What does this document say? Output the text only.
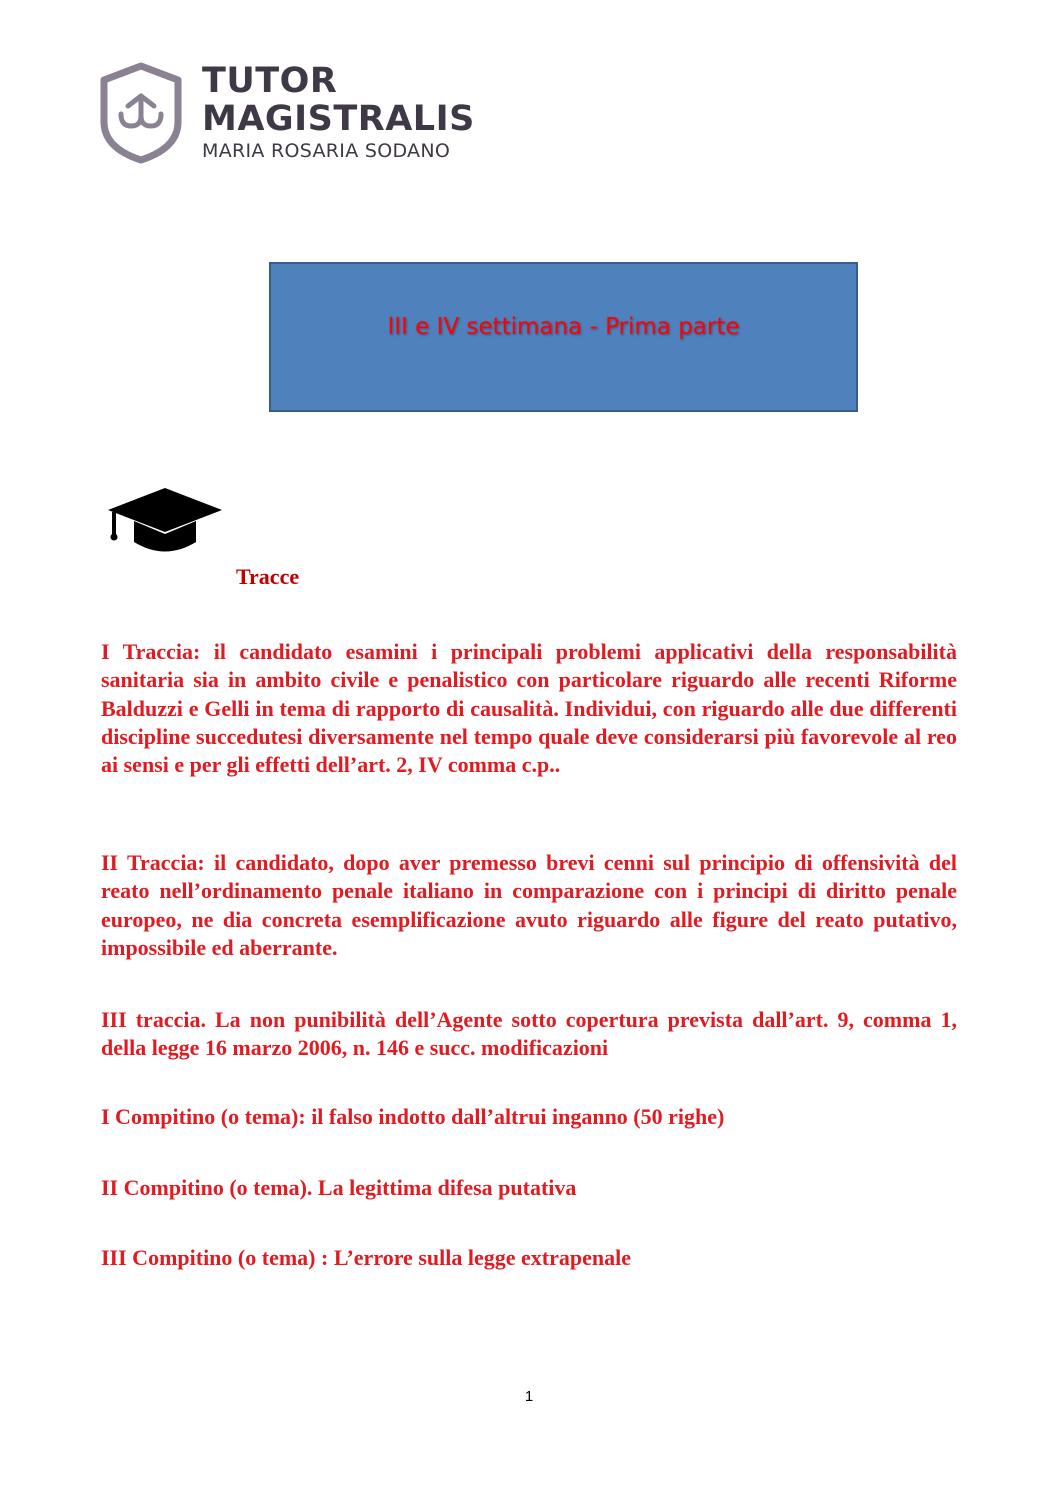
TUTOR
MAGISTRALIS
MARIA ROSARIA SODANO
III e IV settimana - Prima parte
Tracce

I Traccia: il candidato esamini i principali problemi applicativi della responsabilità sanitaria sia in ambito civile e penalistico con particolare riguardo alle recenti Riforme Balduzzi e Gelli in tema di rapporto di causalità. Individui, con riguardo alle due differenti discipline succedutesi diversamente nel tempo quale deve considerarsi più favorevole al reo ai sensi e per gli effetti dell’art. 2, IV comma c.p..

II Traccia: il candidato, dopo aver premesso brevi cenni sul principio di offensività del reato nell’ordinamento penale italiano in comparazione con i principi di diritto penale europeo, ne dia concreta esemplificazione avuto riguardo alle figure del reato putativo, impossibile ed aberrante.

III traccia. La non punibilità dell’Agente sotto copertura prevista dall’art. 9, comma 1, della legge 16 marzo 2006, n. 146 e succ. modificazioni

I Compitino (o tema): il falso indotto dall’altrui inganno (50 righe)
II Compitino (o tema). La legittima difesa putativa
III Compitino (o tema) : L’errore sulla legge extrapenale
1
